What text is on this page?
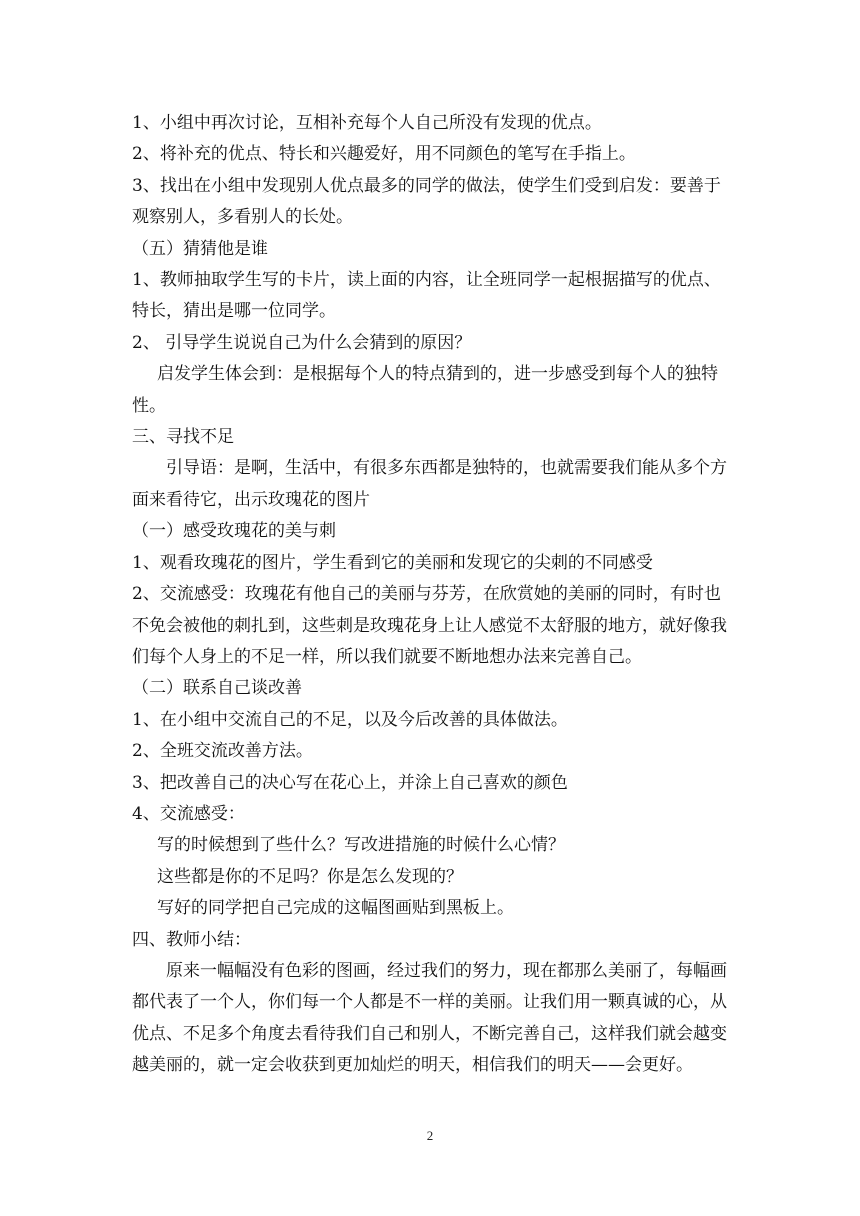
1、小组中再次讨论，互相补充每个人自己所没有发现的优点。
2、将补充的优点、特长和兴趣爱好，用不同颜色的笔写在手指上。
3、找出在小组中发现别人优点最多的同学的做法，使学生们受到启发：要善于
观察别人，多看别人的长处。
（五）猜猜他是谁
1、教师抽取学生写的卡片，读上面的内容，让全班同学一起根据描写的优点、
特长，猜出是哪一位同学。
2、 引导学生说说自己为什么会猜到的原因？
启发学生体会到：是根据每个人的特点猜到的，进一步感受到每个人的独特
性。
三、寻找不足
引导语：是啊，生活中，有很多东西都是独特的，也就需要我们能从多个方
面来看待它，出示玫瑰花的图片
（一）感受玫瑰花的美与刺
1、观看玫瑰花的图片，学生看到它的美丽和发现它的尖刺的不同感受
2、交流感受：玫瑰花有他自己的美丽与芬芳，在欣赏她的美丽的同时，有时也
不免会被他的刺扎到，这些刺是玫瑰花身上让人感觉不太舒服的地方，就好像我
们每个人身上的不足一样，所以我们就要不断地想办法来完善自己。
（二）联系自己谈改善
1、在小组中交流自己的不足，以及今后改善的具体做法。
2、全班交流改善方法。
3、把改善自己的决心写在花心上，并涂上自己喜欢的颜色
4、交流感受：
写的时候想到了些什么？写改进措施的时候什么心情？
这些都是你的不足吗？你是怎么发现的？
写好的同学把自己完成的这幅图画贴到黑板上。
四、教师小结：
原来一幅幅没有色彩的图画，经过我们的努力，现在都那么美丽了，每幅画
都代表了一个人，你们每一个人都是不一样的美丽。让我们用一颗真诚的心，从
优点、不足多个角度去看待我们自己和别人，不断完善自己，这样我们就会越变
越美丽的，就一定会收获到更加灿烂的明天，相信我们的明天——会更好。
2
